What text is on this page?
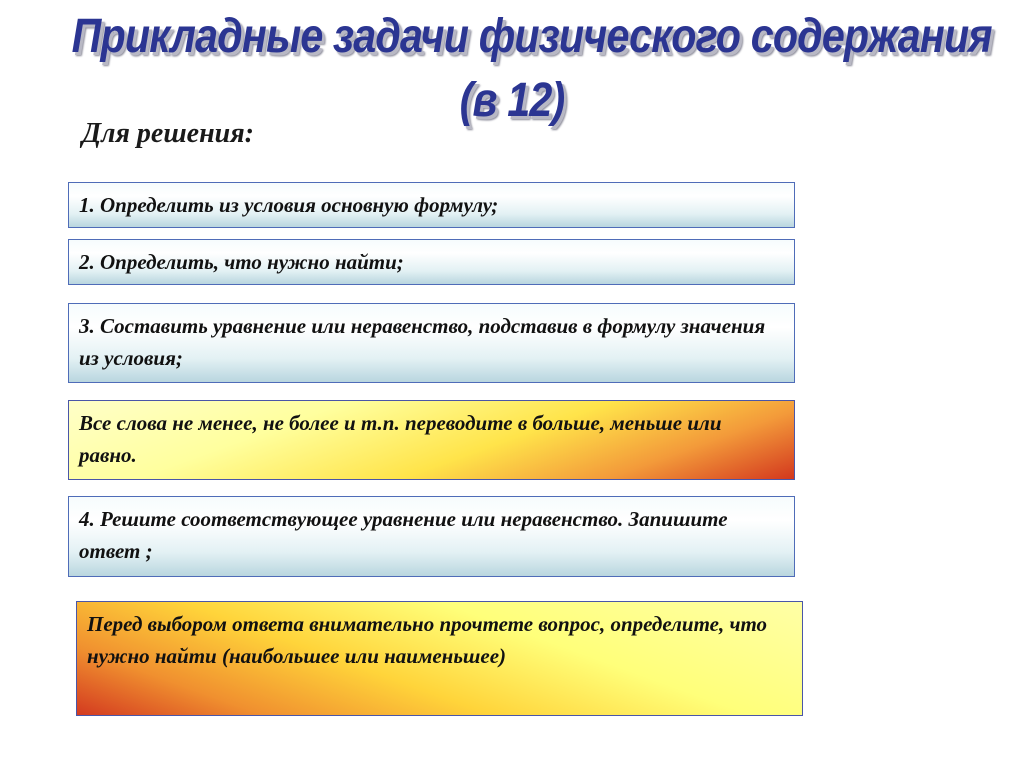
Прикладные задачи физического содержания
(в 12)

Для решения:

1. Определить из условия основную формулу;
2. Определить, что нужно найти;
3. Составить уравнение или неравенство, подставив в формулу значения из условия;
Все слова не менее, не более и т.п. переводите в больше, меньше или равно.
4. Решите соответствующее уравнение или неравенство. Запишите ответ ;
Перед выбором ответа внимательно прочтете вопрос, определите, что нужно найти (наибольшее или наименьшее)
